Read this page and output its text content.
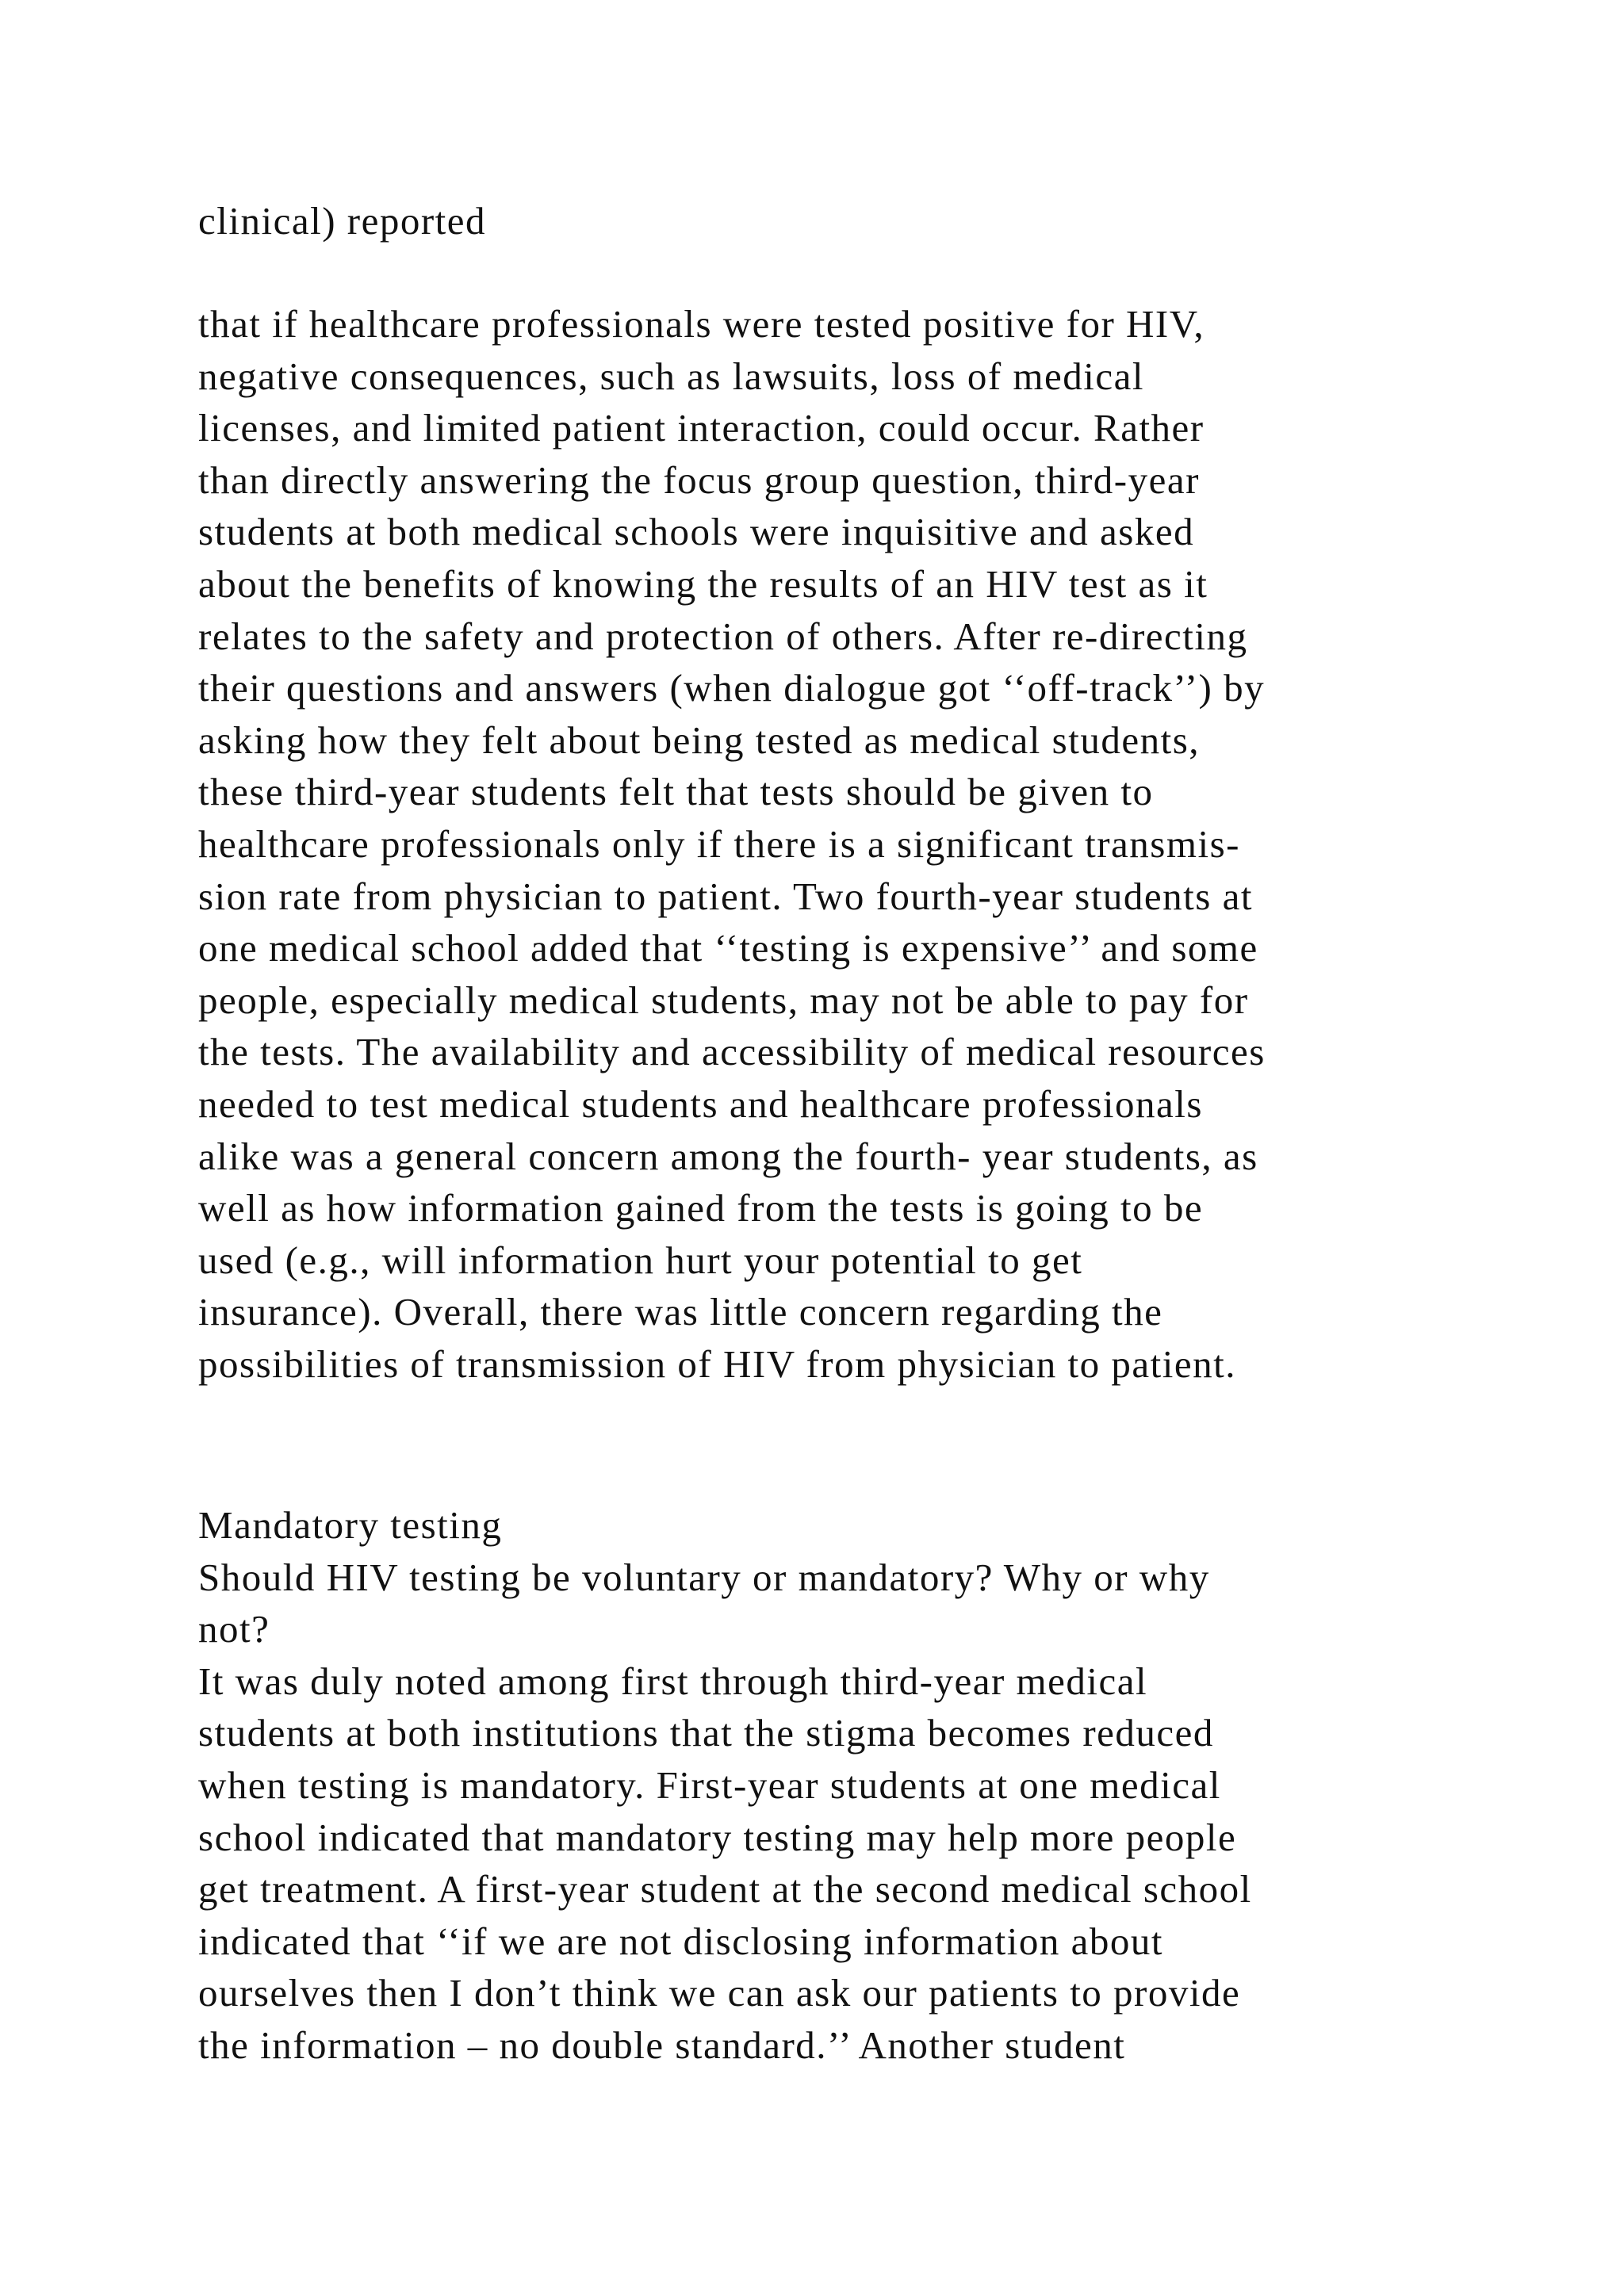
clinical) reported

that if healthcare professionals were tested positive for HIV,
negative consequences, such as lawsuits, loss of medical
licenses, and limited patient interaction, could occur. Rather
than directly answering the focus group question, third-year
students at both medical schools were inquisitive and asked
about the benefits of knowing the results of an HIV test as it
relates to the safety and protection of others. After re-directing
their questions and answers (when dialogue got ‘‘off-track’’) by
asking how they felt about being tested as medical students,
these third-year students felt that tests should be given to
healthcare professionals only if there is a significant transmis-
sion rate from physician to patient. Two fourth-year students at
one medical school added that ‘‘testing is expensive’’ and some
people, especially medical students, may not be able to pay for
the tests. The availability and accessibility of medical resources
needed to test medical students and healthcare professionals
alike was a general concern among the fourth- year students, as
well as how information gained from the tests is going to be
used (e.g., will information hurt your potential to get
insurance). Overall, there was little concern regarding the
possibilities of transmission of HIV from physician to patient.

Mandatory testing
Should HIV testing be voluntary or mandatory? Why or why
not?
It was duly noted among first through third-year medical
students at both institutions that the stigma becomes reduced
when testing is mandatory. First-year students at one medical
school indicated that mandatory testing may help more people
get treatment. A first-year student at the second medical school
indicated that ‘‘if we are not disclosing information about
ourselves then I don’t think we can ask our patients to provide
the information – no double standard.’’ Another student
